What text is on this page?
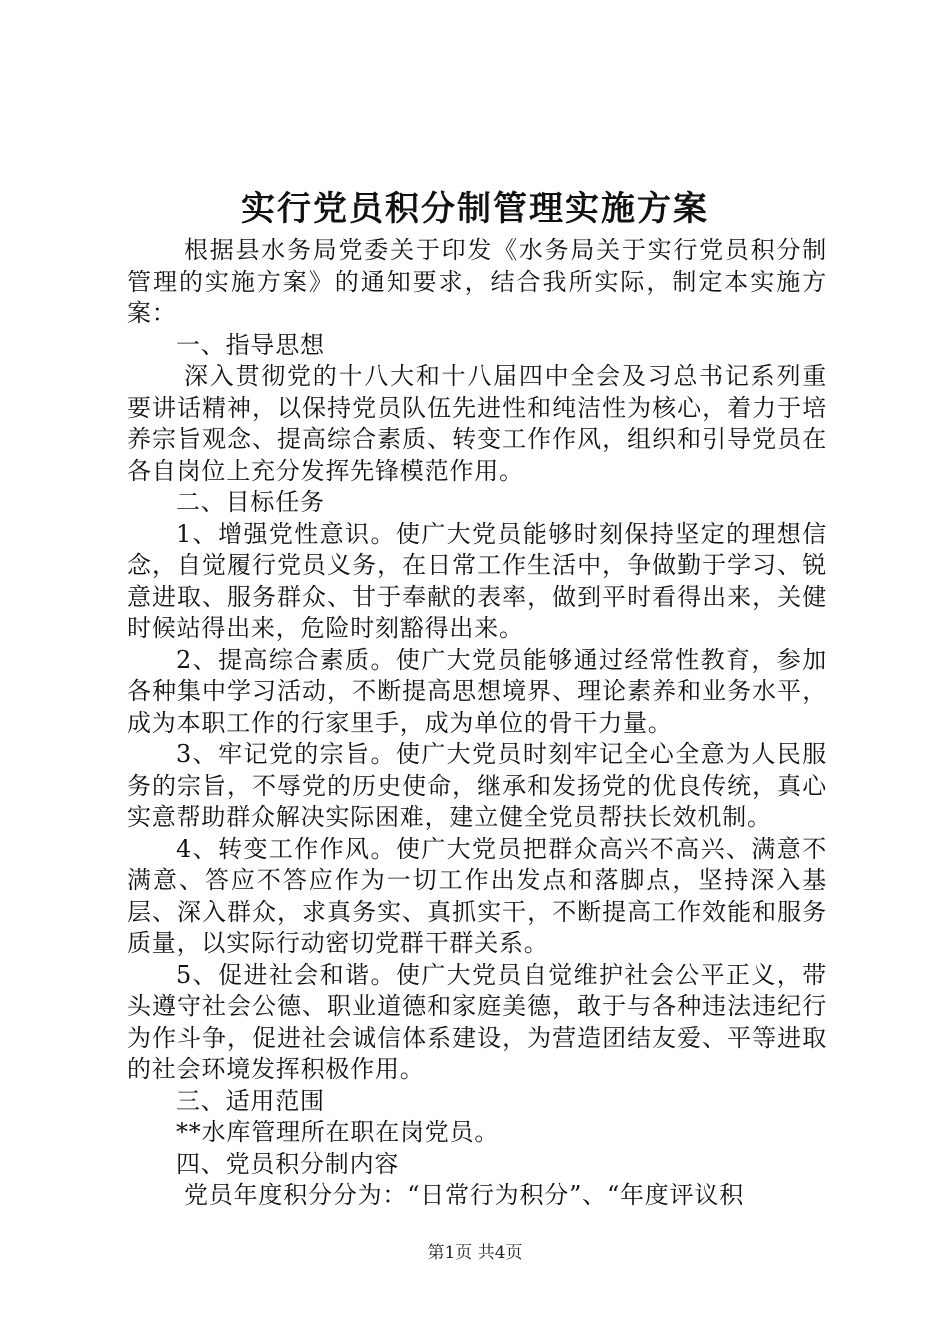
实行党员积分制管理实施方案

根据县水务局党委关于印发《水务局关于实行党员积分制管理的实施方案》的通知要求，结合我所实际，制定本实施方案：

一、指导思想

深入贯彻党的十八大和十八届四中全会及习总书记系列重要讲话精神，以保持党员队伍先进性和纯洁性为核心，着力于培养宗旨观念、提高综合素质、转变工作作风，组织和引导党员在各自岗位上充分发挥先锋模范作用。

二、目标任务

1、增强党性意识。使广大党员能够时刻保持坚定的理想信念，自觉履行党员义务，在日常工作生活中，争做勤于学习、锐意进取、服务群众、甘于奉献的表率，做到平时看得出来，关健时候站得出来，危险时刻豁得出来。

2、提高综合素质。使广大党员能够通过经常性教育，参加各种集中学习活动，不断提高思想境界、理论素养和业务水平，成为本职工作的行家里手，成为单位的骨干力量。

3、牢记党的宗旨。使广大党员时刻牢记全心全意为人民服务的宗旨，不辱党的历史使命，继承和发扬党的优良传统，真心实意帮助群众解决实际困难，建立健全党员帮扶长效机制。

4、转变工作作风。使广大党员把群众高兴不高兴、满意不满意、答应不答应作为一切工作出发点和落脚点，坚持深入基层、深入群众，求真务实、真抓实干，不断提高工作效能和服务质量，以实际行动密切党群干群关系。

5、促进社会和谐。使广大党员自觉维护社会公平正义，带头遵守社会公德、职业道德和家庭美德，敢于与各种违法违纪行为作斗争，促进社会诚信体系建设，为营造团结友爱、平等进取的社会环境发挥积极作用。

三、适用范围

**水库管理所在职在岗党员。

四、党员积分制内容

党员年度积分分为：“日常行为积分”、“年度评议积

第1页 共4页
